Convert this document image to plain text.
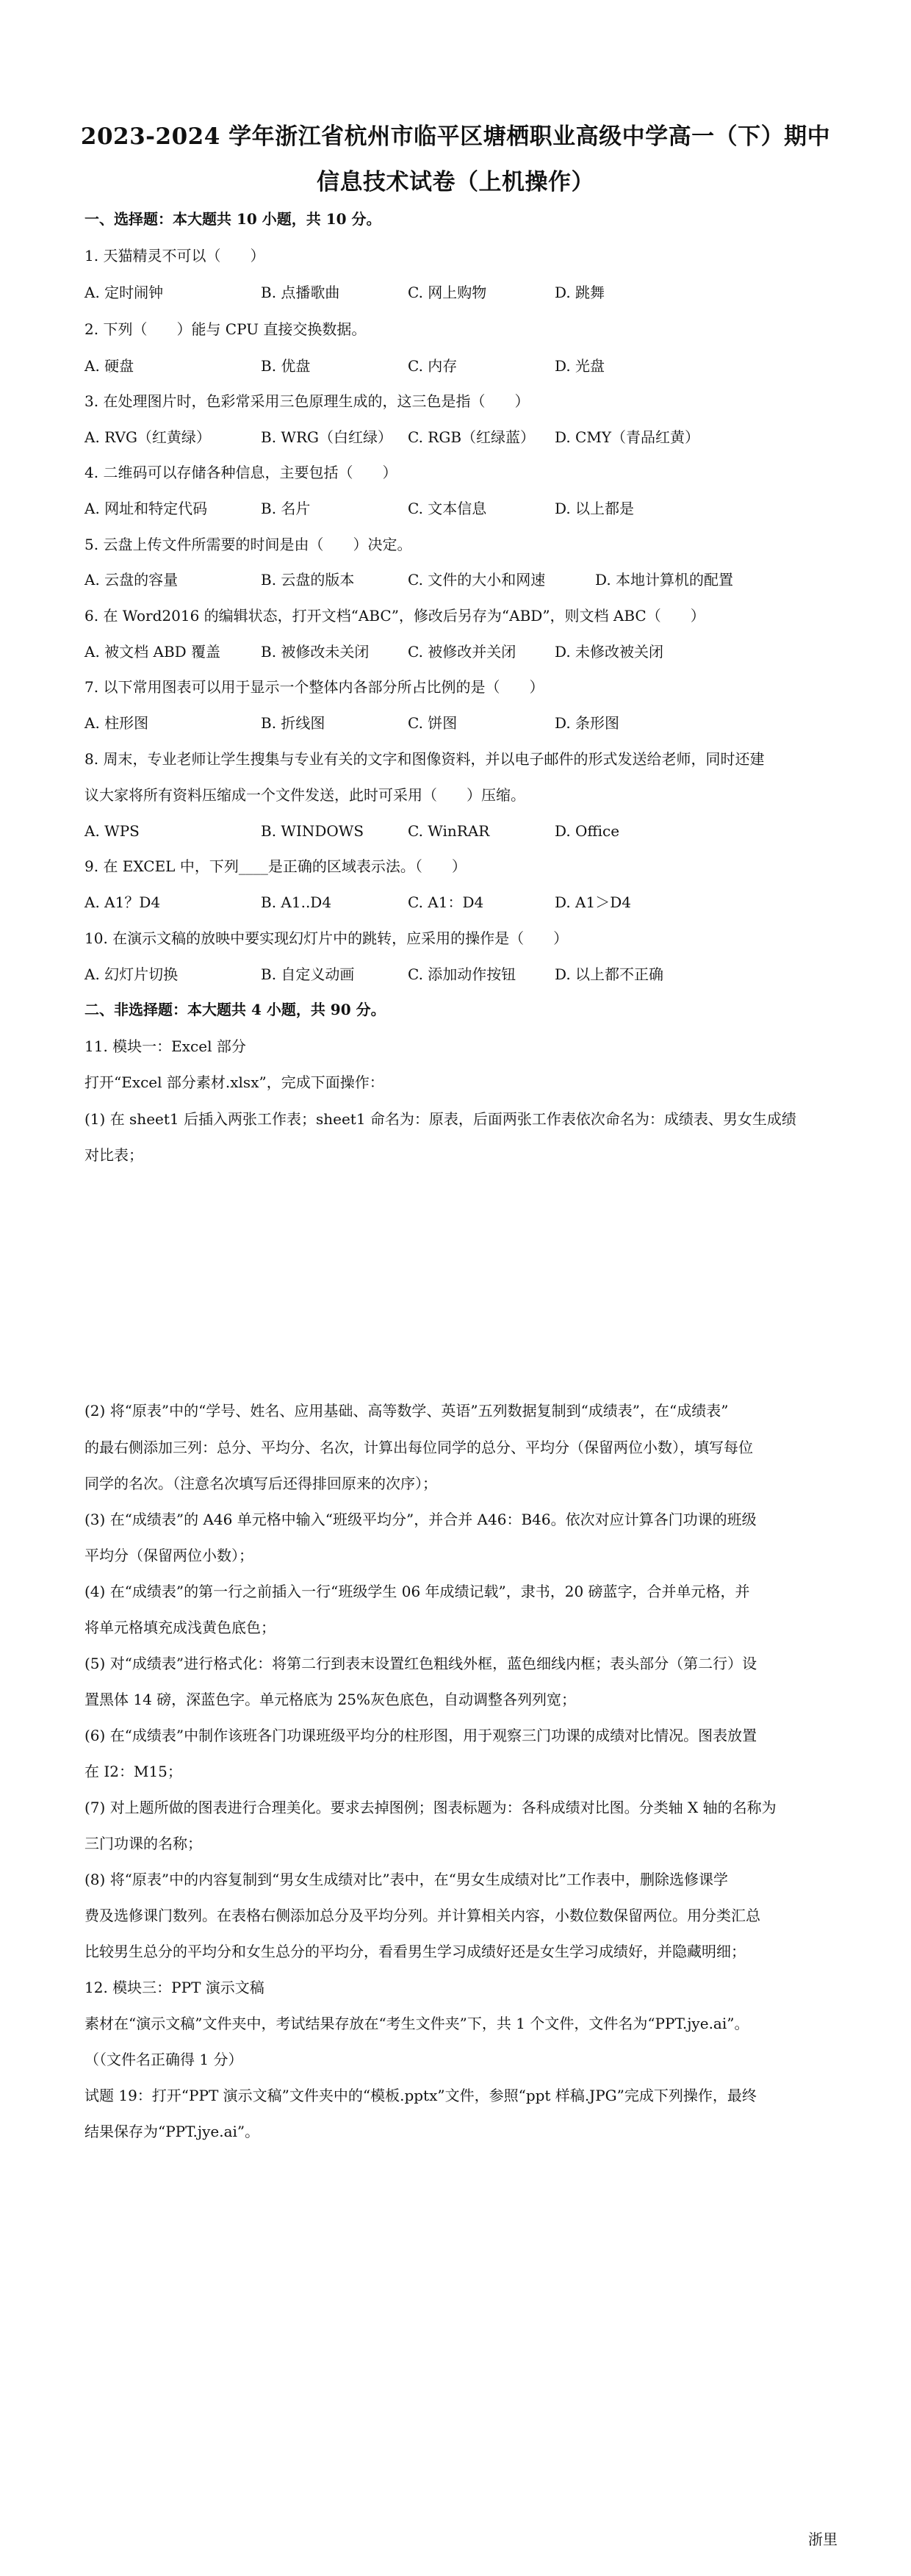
2023-2024 学年浙江省杭州市临平区塘栖职业高级中学高一（下）期中
信息技术试卷（上机操作）
一、选择题：本大题共 10 小题，共 10 分。
1. 天猫精灵不可以（　　）
A. 定时闹钟	B. 点播歌曲	C. 网上购物	D. 跳舞
2. 下列（　　）能与 CPU 直接交换数据。
A. 硬盘	B. 优盘	C. 内存	D. 光盘
3. 在处理图片时，色彩常采用三色原理生成的，这三色是指（　　）
A. RVG（红黄绿）	B. WRG（白红绿） C. RGB（红绿蓝） D. CMY（青品红黄）
4. 二维码可以存储各种信息，主要包括（　　）
A. 网址和特定代码	B. 名片	C. 文本信息	D. 以上都是
5. 云盘上传文件所需要的时间是由（　　）决定。
A. 云盘的容量	B. 云盘的版本	C. 文件的大小和网速	D. 本地计算机的配置
6. 在 Word2016 的编辑状态，打开文档“ABC”，修改后另存为“ABD”，则文档 ABC（　　）
A. 被文档 ABD 覆盖	B. 被修改未关闭	C. 被修改并关闭	D. 未修改被关闭
7. 以下常用图表可以用于显示一个整体内各部分所占比例的是（　　）
A. 柱形图	B. 折线图	C. 饼图	D. 条形图
8. 周末，专业老师让学生搜集与专业有关的文字和图像资料，并以电子邮件的形式发送给老师，同时还建
议大家将所有资料压缩成一个文件发送，此时可采用（　　）压缩。
A. WPS	B. WINDOWS	C. WinRAR	D. Office
9. 在 EXCEL 中，下列____是正确的区域表示法。（　　）
A. A1？D4	B. A1..D4	C. A1：D4	D. A1＞D4
10. 在演示文稿的放映中要实现幻灯片中的跳转，应采用的操作是（　　）
A. 幻灯片切换	B. 自定义动画	C. 添加动作按钮	D. 以上都不正确
二、非选择题：本大题共 4 小题，共 90 分。
11. 模块一：Excel 部分
打开“Excel 部分素材.xlsx”，完成下面操作：
(1) 在 sheet1 后插入两张工作表；sheet1 命名为：原表，后面两张工作表依次命名为：成绩表、男女生成绩
对比表；
(2) 将“原表”中的“学号、姓名、应用基础、高等数学、英语”五列数据复制到“成绩表”，在“成绩表”
的最右侧添加三列：总分、平均分、名次，计算出每位同学的总分、平均分（保留两位小数），填写每位
同学的名次。（注意名次填写后还得排回原来的次序）；
(3) 在“成绩表”的 A46 单元格中输入“班级平均分”，并合并 A46：B46。依次对应计算各门功课的班级
平均分（保留两位小数）；
(4) 在“成绩表”的第一行之前插入一行“班级学生 06 年成绩记载”，隶书，20 磅蓝字，合并单元格，并
将单元格填充成浅黄色底色；
(5) 对“成绩表”进行格式化：将第二行到表末设置红色粗线外框，蓝色细线内框；表头部分（第二行）设
置黑体 14 磅，深蓝色字。单元格底为 25%灰色底色，自动调整各列列宽；
(6) 在“成绩表”中制作该班各门功课班级平均分的柱形图，用于观察三门功课的成绩对比情况。图表放置
在 I2：M15；
(7) 对上题所做的图表进行合理美化。要求去掉图例；图表标题为：各科成绩对比图。分类轴 X 轴的名称为
三门功课的名称；
(8) 将“原表”中的内容复制到“男女生成绩对比”表中，在“男女生成绩对比”工作表中，删除选修课学
费及选修课门数列。在表格右侧添加总分及平均分列。并计算相关内容，小数位数保留两位。用分类汇总
比较男生总分的平均分和女生总分的平均分，看看男生学习成绩好还是女生学习成绩好，并隐藏明细；
12. 模块三：PPT 演示文稿
素材在“演示文稿”文件夹中，考试结果存放在“考生文件夹”下，共 1 个文件，文件名为“PPT.jye.ai”。
（（文件名正确得 1 分）
试题 19：打开“PPT 演示文稿”文件夹中的“模板.pptx”文件，参照“ppt 样稿.JPG”完成下列操作，最终
结果保存为“PPT.jye.ai”。
浙里
